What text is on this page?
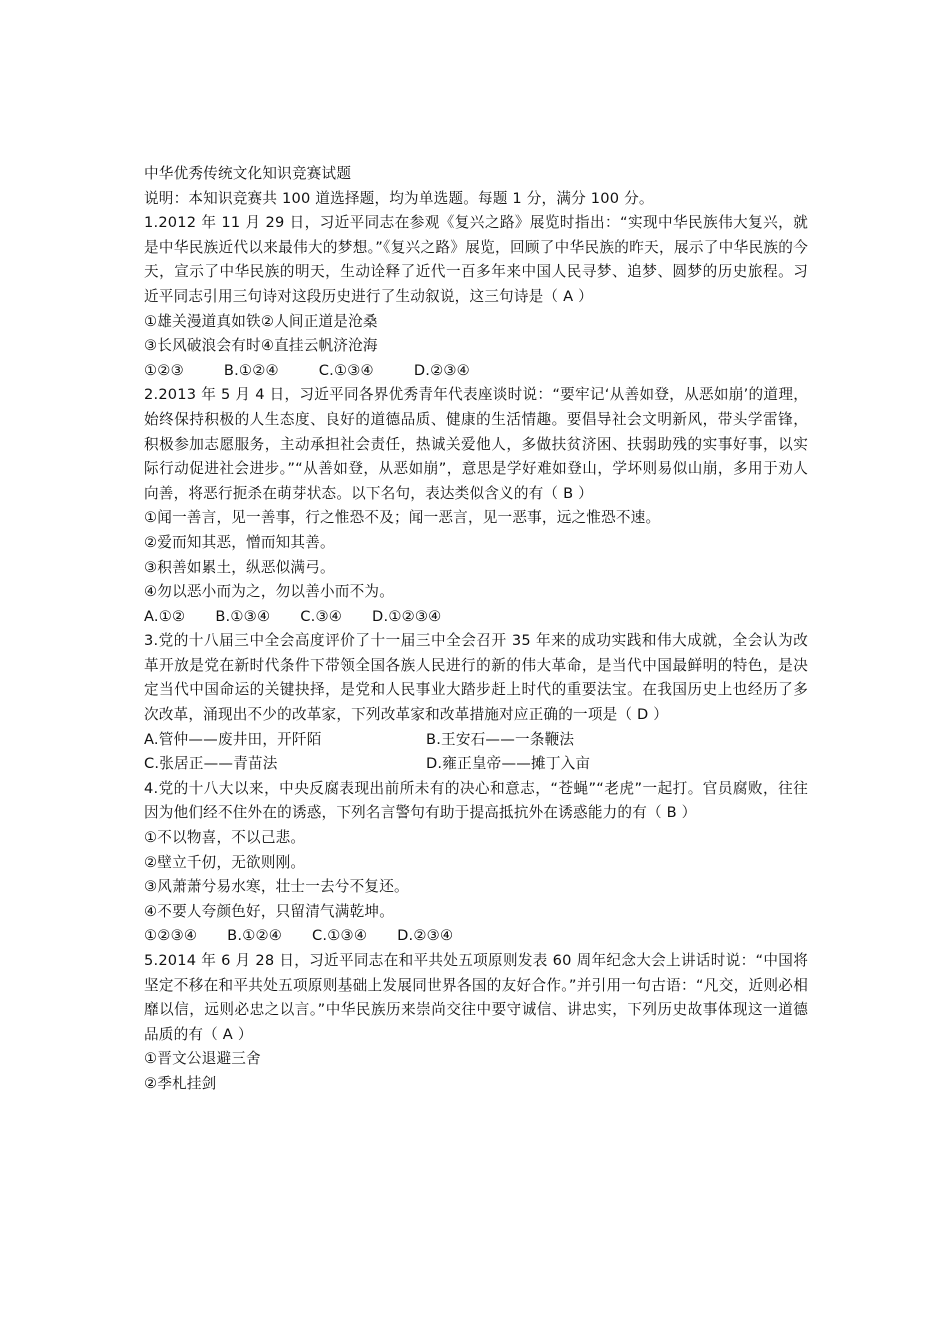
中华优秀传统文化知识竞赛试题

说明：本知识竞赛共 100 道选择题，均为单选题。每题 1 分，满分 100 分。

1.2012 年 11 月 29 日，习近平同志在参观《复兴之路》展览时指出：“实现中华民族伟大复兴，就是中华民族近代以来最伟大的梦想。”《复兴之路》展览，回顾了中华民族的昨天，展示了中华民族的今天，宣示了中华民族的明天，生动诠释了近代一百多年来中国人民寻梦、追梦、圆梦的历史旅程。习近平同志引用三句诗对这段历史进行了生动叙说，这三句诗是（ A ）

①雄关漫道真如铁②人间正道是沧桑

③长风破浪会有时④直挂云帆济沧海

①②③	B.①②④	C.①③④	D.②③④

2.2013 年 5 月 4 日，习近平同各界优秀青年代表座谈时说：“要牢记‘从善如登，从恶如崩’的道理，始终保持积极的人生态度、良好的道德品质、健康的生活情趣。要倡导社会文明新风，带头学雷锋，积极参加志愿服务，主动承担社会责任，热诚关爱他人，多做扶贫济困、扶弱助残的实事好事，以实际行动促进社会进步。”“从善如登，从恶如崩”，意思是学好难如登山，学坏则易似山崩，多用于劝人向善，将恶行扼杀在萌芽状态。以下名句，表达类似含义的有（ B ）

①闻一善言，见一善事，行之惟恐不及；闻一恶言，见一恶事，远之惟恐不速。

②爱而知其恶，憎而知其善。

③积善如累土，纵恶似满弓。

④勿以恶小而为之，勿以善小而不为。

A.①② B.①③④ C.③④ D.①②③④

3.党的十八届三中全会高度评价了十一届三中全会召开 35 年来的成功实践和伟大成就，全会认为改革开放是党在新时代条件下带领全国各族人民进行的新的伟大革命，是当代中国最鲜明的特色，是决定当代中国命运的关键抉择，是党和人民事业大踏步赶上时代的重要法宝。在我国历史上也经历了多次改革，涌现出不少的改革家，下列改革家和改革措施对应正确的一项是（ D ）

A.管仲——废井田，开阡陌	B.王安石——一条鞭法
C.张居正——青苗法	D.雍正皇帝——摊丁入亩

4.党的十八大以来，中央反腐表现出前所未有的决心和意志，“苍蝇”“老虎”一起打。官员腐败，往往因为他们经不住外在的诱惑，下列名言警句有助于提高抵抗外在诱惑能力的有（ B ）

①不以物喜，不以己悲。

②壁立千仞，无欲则刚。

③风萧萧兮易水寒，壮士一去兮不复还。

④不要人夸颜色好，只留清气满乾坤。

①②③④ B.①②④ C.①③④ D.②③④

5.2014 年 6 月 28 日，习近平同志在和平共处五项原则发表 60 周年纪念大会上讲话时说：“中国将坚定不移在和平共处五项原则基础上发展同世界各国的友好合作。”并引用一句古语：“凡交，近则必相靡以信，远则必忠之以言。”中华民族历来崇尚交往中要守诚信、讲忠实，下列历史故事体现这一道德品质的有（ A ）

①晋文公退避三舍

②季札挂剑
